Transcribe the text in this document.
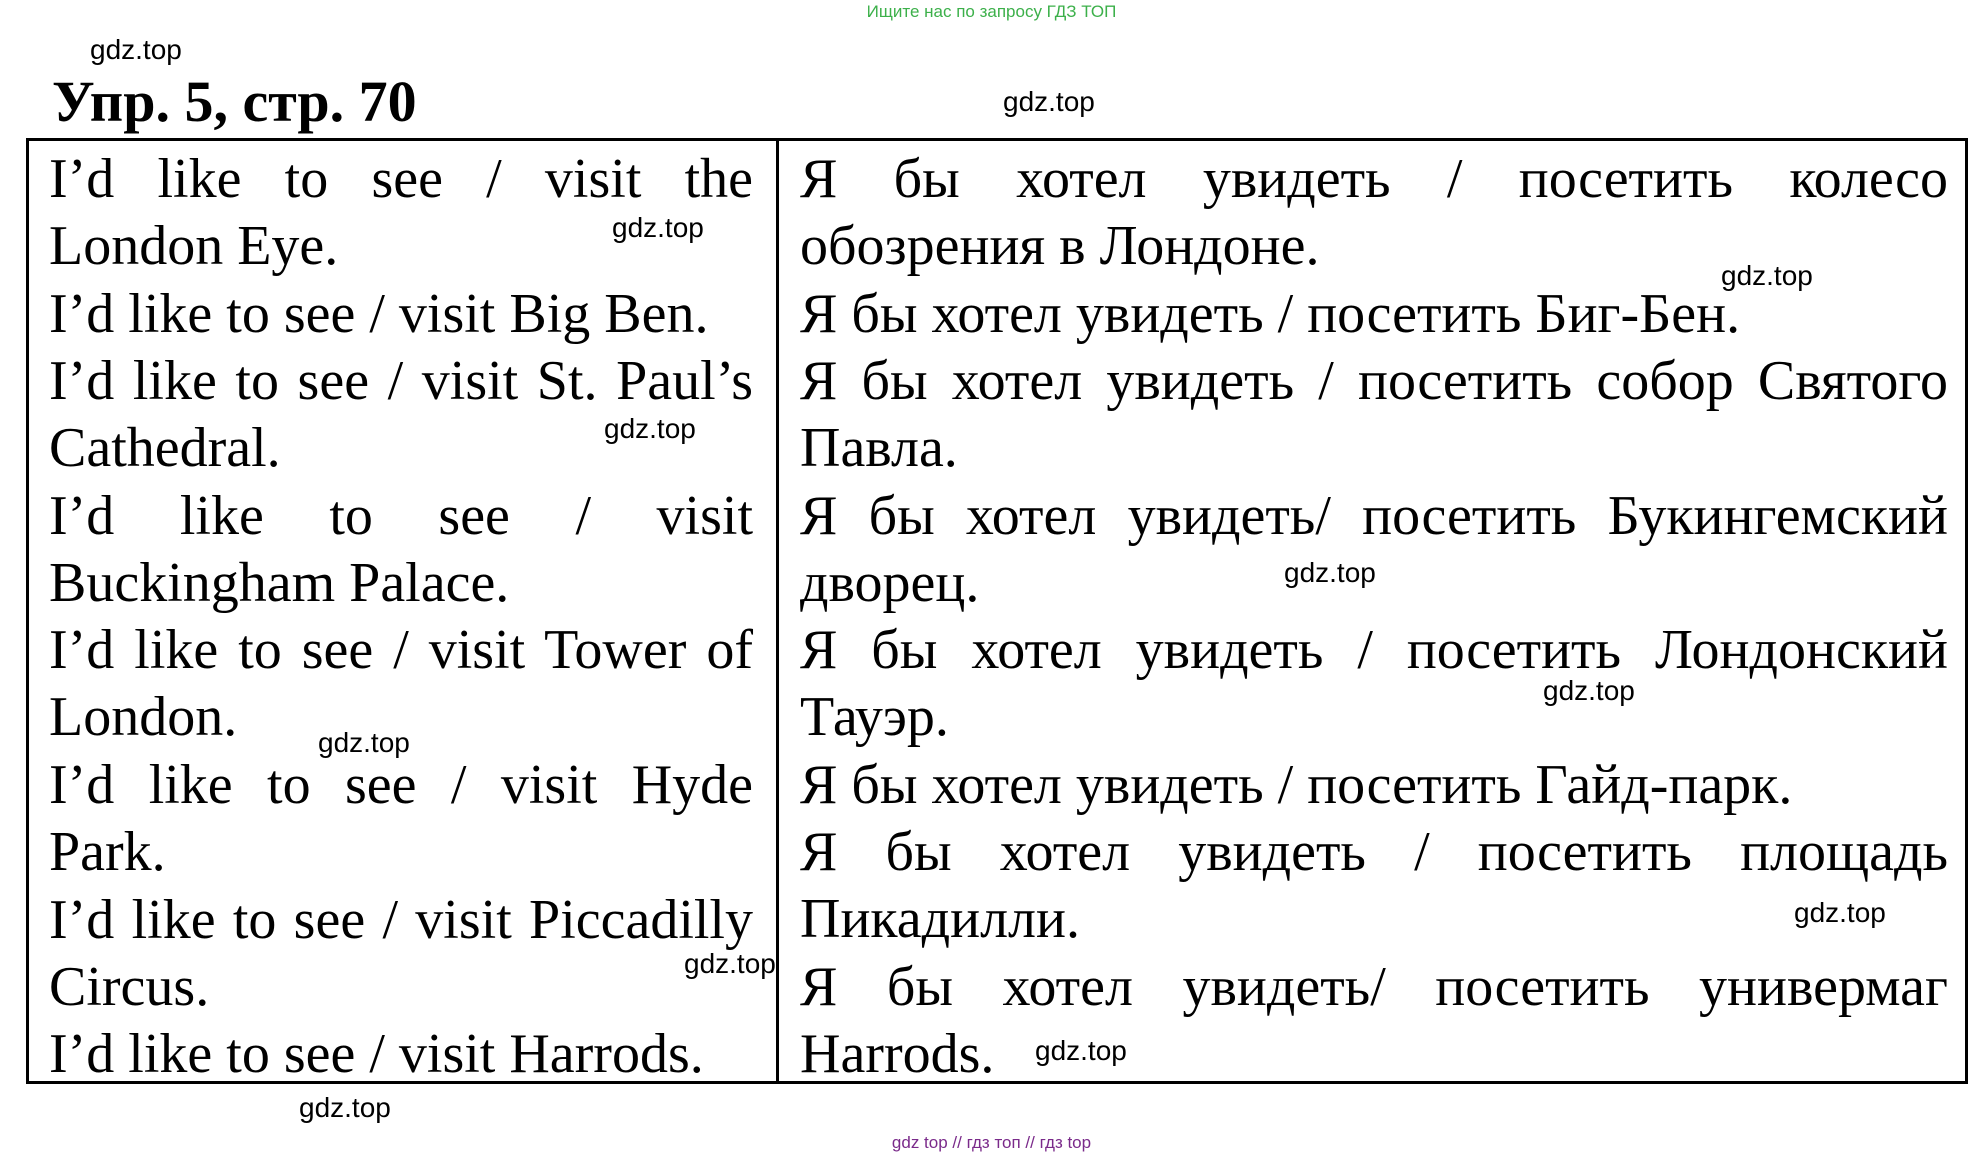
Ищите нас по запросу ГДЗ ТОП
gdz.top
Упр. 5, стр. 70	gdz.top
I’d like to see / visit the London Eye.
I’d like to see / visit Big Ben.
I’d like to see / visit St. Paul’s Cathedral.
I’d like to see / visit Buckingham Palace.
I’d like to see / visit Tower of London.
I’d like to see / visit Hyde Park.
I’d like to see / visit Piccadilly Circus.
I’d like to see / visit Harrods.
Я бы хотел увидеть / посетить колесо обозрения в Лондоне.
Я бы хотел увидеть / посетить Биг-Бен.
Я бы хотел увидеть / посетить собор Святого Павла.
Я бы хотел увидеть/ посетить Букингемский дворец.
Я бы хотел увидеть / посетить Лондонский Тауэр.
Я бы хотел увидеть / посетить Гайд-парк.
Я бы хотел увидеть / посетить площадь Пикадилли.
Я бы хотел увидеть/ посетить универмаг Harrods.
gdz.top
gdz.top
gdz.top
gdz.top
gdz.top
gdz.top
gdz.top
gdz.top
gdz.top
gdz.top
gdz top // гдз топ // гдз top
